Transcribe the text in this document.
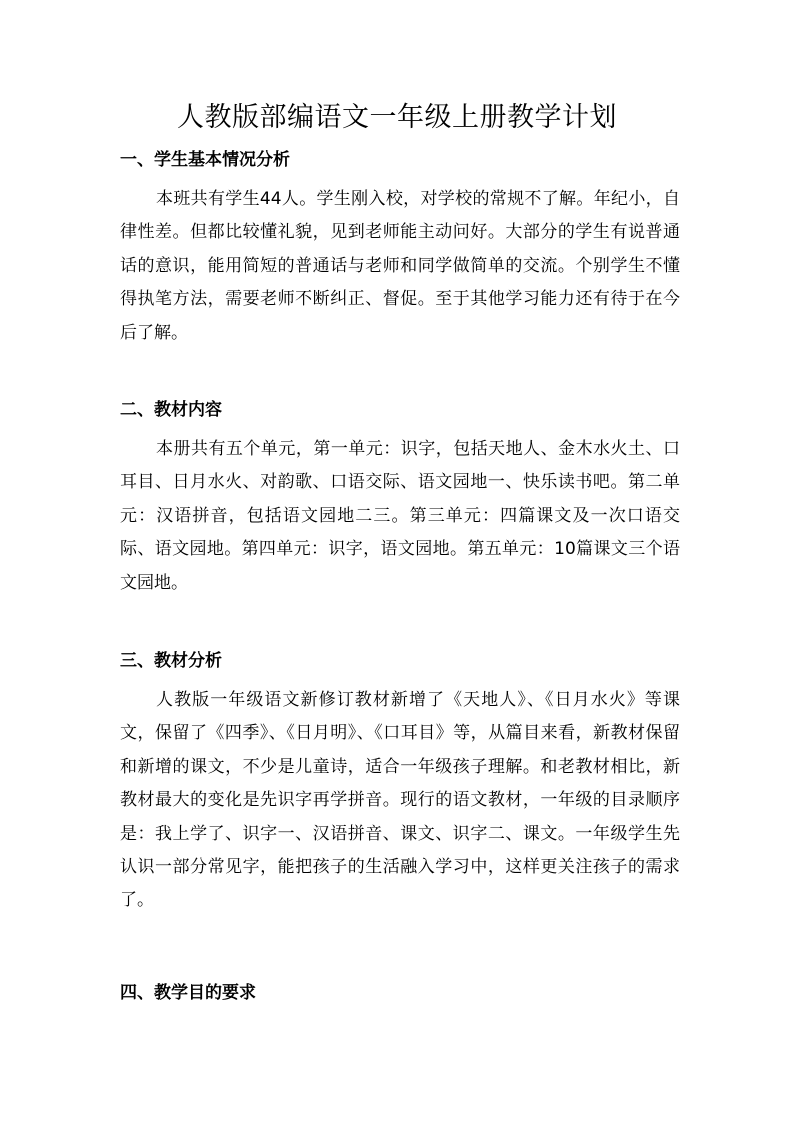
人教版部编语文一年级上册教学计划
一、学生基本情况分析

本班共有学生44人。学生刚入校，对学校的常规不了解。年纪小，自律性差。但都比较懂礼貌，见到老师能主动问好。大部分的学生有说普通话的意识，能用简短的普通话与老师和同学做简单的交流。个别学生不懂得执笔方法，需要老师不断纠正、督促。至于其他学习能力还有待于在今后了解。

二、教材内容

本册共有五个单元，第一单元：识字，包括天地人、金木水火土、口耳目、日月水火、对韵歌、口语交际、语文园地一、快乐读书吧。第二单元：汉语拼音，包括语文园地二三。第三单元：四篇课文及一次口语交际、语文园地。第四单元：识字，语文园地。第五单元：10篇课文三个语文园地。

三、教材分析

人教版一年级语文新修订教材新增了《天地人》、《日月水火》等课文，保留了《四季》、《日月明》、《口耳目》等，从篇目来看，新教材保留和新增的课文，不少是儿童诗，适合一年级孩子理解。和老教材相比，新教材最大的变化是先识字再学拼音。现行的语文教材，一年级的目录顺序是：我上学了、识字一、汉语拼音、课文、识字二、课文。一年级学生先认识一部分常见字，能把孩子的生活融入学习中，这样更关注孩子的需求了。

四、教学目的要求
